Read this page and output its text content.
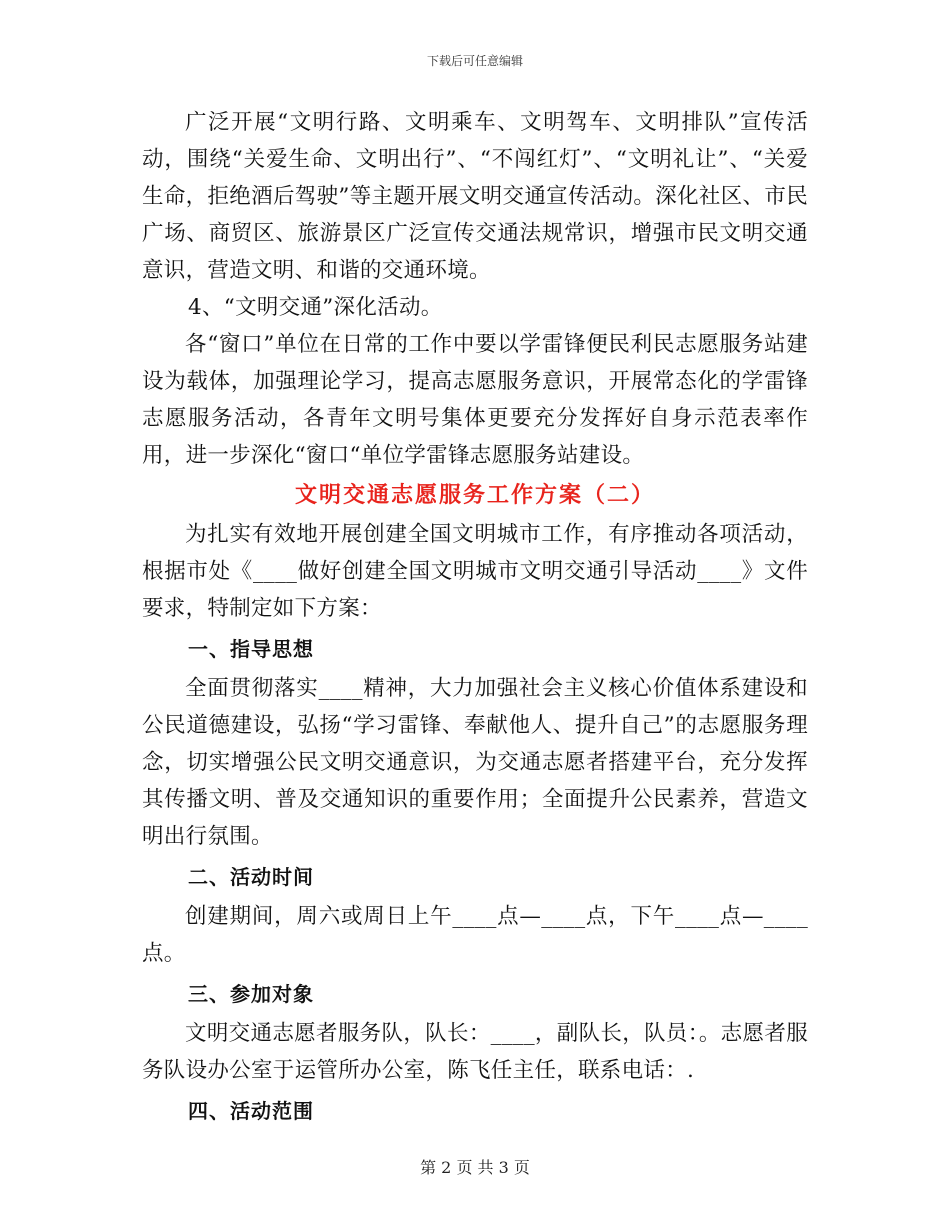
下载后可任意编辑

广泛开展“文明行路、文明乘车、文明驾车、文明排队”宣传活动，围绕“关爱生命、文明出行”、“不闯红灯”、“文明礼让”、“关爱生命，拒绝酒后驾驶”等主题开展文明交通宣传活动。深化社区、市民广场、商贸区、旅游景区广泛宣传交通法规常识，增强市民文明交通意识，营造文明、和谐的交通环境。

4、“文明交通”深化活动。

各“窗口”单位在日常的工作中要以学雷锋便民利民志愿服务站建设为载体，加强理论学习，提高志愿服务意识，开展常态化的学雷锋志愿服务活动，各青年文明号集体更要充分发挥好自身示范表率作用，进一步深化“窗口“单位学雷锋志愿服务站建设。

文明交通志愿服务工作方案（二）

为扎实有效地开展创建全国文明城市工作，有序推动各项活动，根据市处《____做好创建全国文明城市文明交通引导活动____》文件要求，特制定如下方案：

一、指导思想

全面贯彻落实____精神，大力加强社会主义核心价值体系建设和公民道德建设，弘扬“学习雷锋、奉献他人、提升自己”的志愿服务理念，切实增强公民文明交通意识，为交通志愿者搭建平台，充分发挥其传播文明、普及交通知识的重要作用；全面提升公民素养，营造文明出行氛围。

二、活动时间

创建期间，周六或周日上午____点—____点，下午____点—____点。

三、参加对象

文明交通志愿者服务队，队长：____，副队长，队员：。志愿者服务队设办公室于运管所办公室，陈飞任主任，联系电话：.

四、活动范围
第 2 页 共 3 页
